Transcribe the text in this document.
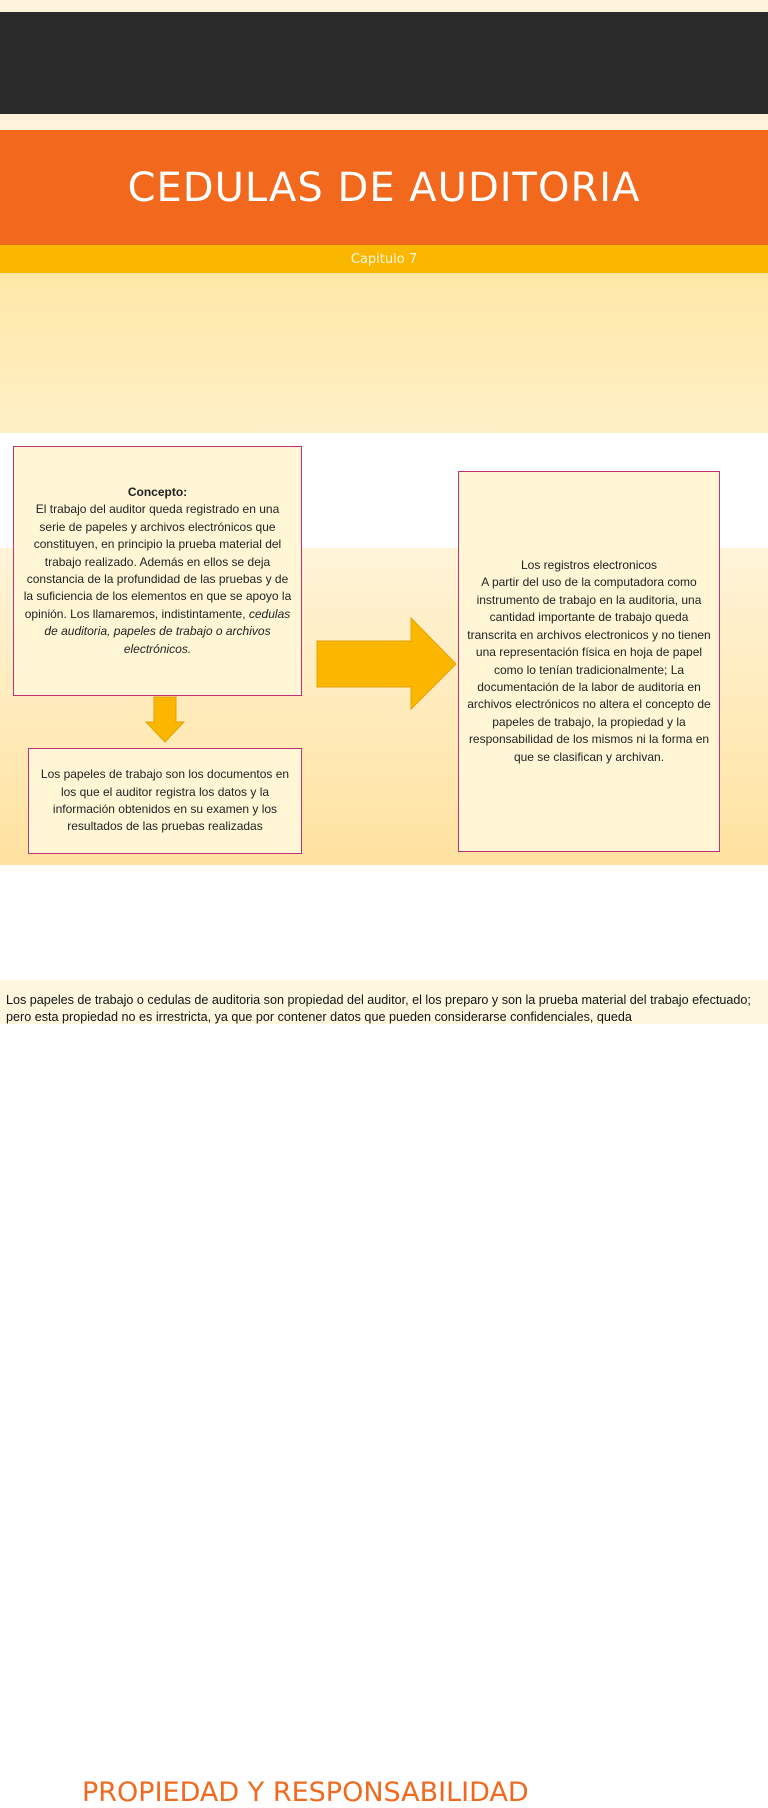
CEDULAS DE AUDITORIA
Capitulo 7
Concepto:
El trabajo del auditor queda registrado en una serie de papeles y archivos electrónicos que constituyen, en principio la prueba material del trabajo realizado. Además en ellos se deja constancia de la profundidad de las pruebas y de la suficiencia de los elementos en que se apoyo la opinión. Los llamaremos, indistintamente, cedulas de auditoria, papeles de trabajo o archivos electrónicos.
Los papeles de trabajo son los documentos en los que el auditor registra los datos y la información obtenidos en su examen y los resultados de las pruebas realizadas
Los registros electronicos
A partir del uso de la computadora como instrumento de trabajo en la auditoria, una cantidad importante de trabajo queda transcrita en archivos electronicos y no tienen una representación física en hoja de papel como lo tenían tradicionalmente; La documentación de la labor de auditoria en archivos electrónicos no altera el concepto de papeles de trabajo, la propiedad y la responsabilidad de los mismos ni la forma en que se clasifican y archivan.
PROPIEDAD Y RESPONSABILIDAD
Los papeles de trabajo o cedulas de auditoria son propiedad del auditor, el los preparo y son la prueba material del trabajo efectuado; pero esta propiedad no es irrestricta, ya que por contener datos que pueden considerarse confidenciales, queda
